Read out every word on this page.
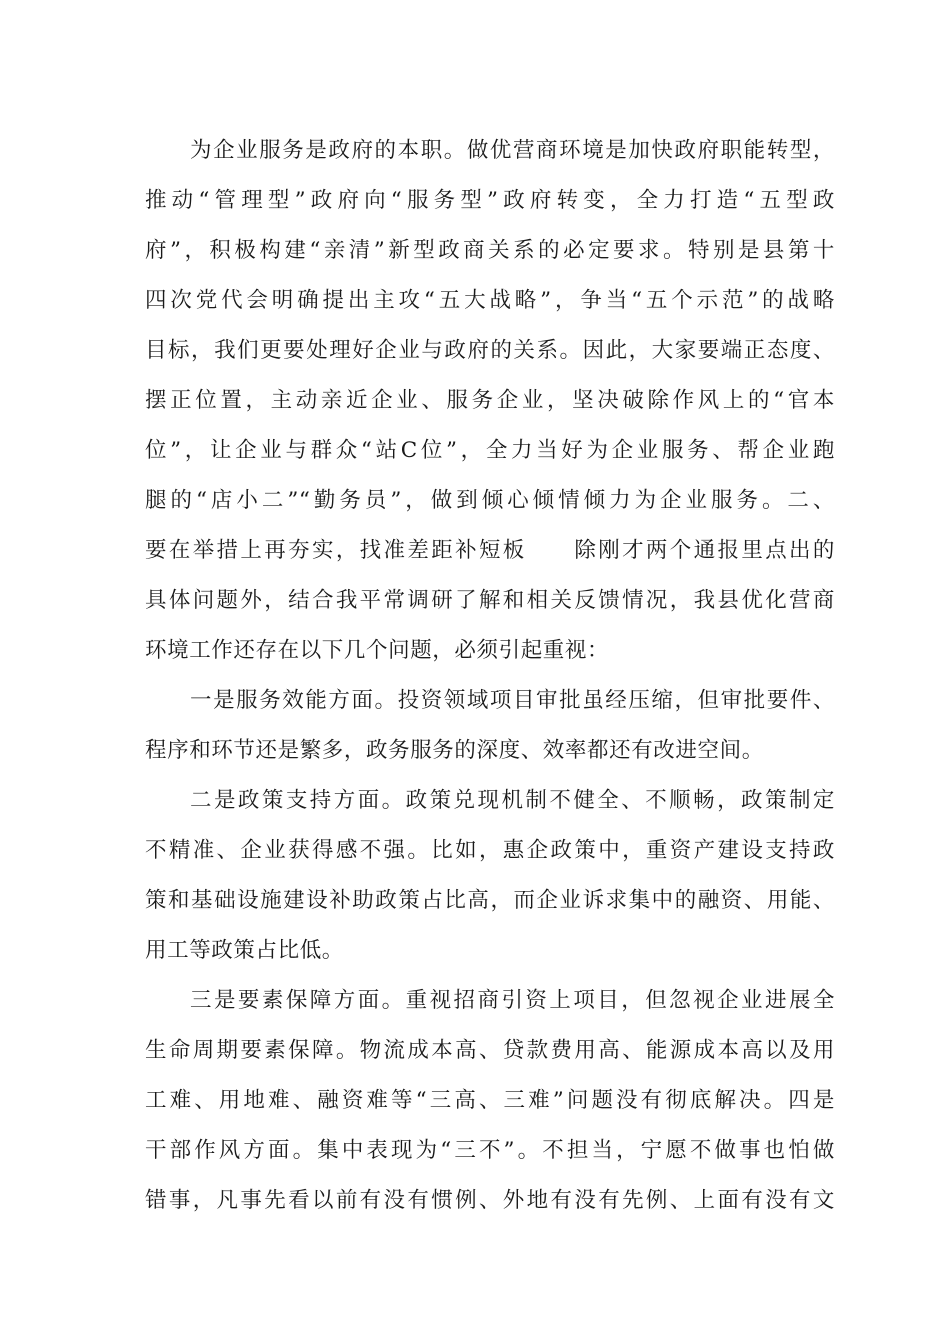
为企业服务是政府的本职。做优营商环境是加快政府职能转型，
推动“管理型”政府向“服务型”政府转变，全力打造“五型政
府”，积极构建“亲清”新型政商关系的必定要求。特别是县第十
四次党代会明确提出主攻“五大战略”，争当“五个示范”的战略
目标，我们更要处理好企业与政府的关系。因此，大家要端正态度、
摆正位置，主动亲近企业、服务企业，坚决破除作风上的“官本
位”，让企业与群众“站C位”，全力当好为企业服务、帮企业跑
腿的“店小二”“勤务员”，做到倾心倾情倾力为企业服务。二、
要在举措上再夯实，找准差距补短板　　除刚才两个通报里点出的
具体问题外，结合我平常调研了解和相关反馈情况，我县优化营商
环境工作还存在以下几个问题，必须引起重视：
一是服务效能方面。投资领域项目审批虽经压缩，但审批要件、
程序和环节还是繁多，政务服务的深度、效率都还有改进空间。
二是政策支持方面。政策兑现机制不健全、不顺畅，政策制定
不精准、企业获得感不强。比如，惠企政策中，重资产建设支持政
策和基础设施建设补助政策占比高，而企业诉求集中的融资、用能、
用工等政策占比低。
三是要素保障方面。重视招商引资上项目，但忽视企业进展全
生命周期要素保障。物流成本高、贷款费用高、能源成本高以及用
工难、用地难、融资难等“三高、三难”问题没有彻底解决。四是
干部作风方面。集中表现为“三不”。不担当，宁愿不做事也怕做
错事，凡事先看以前有没有惯例、外地有没有先例、上面有没有文
